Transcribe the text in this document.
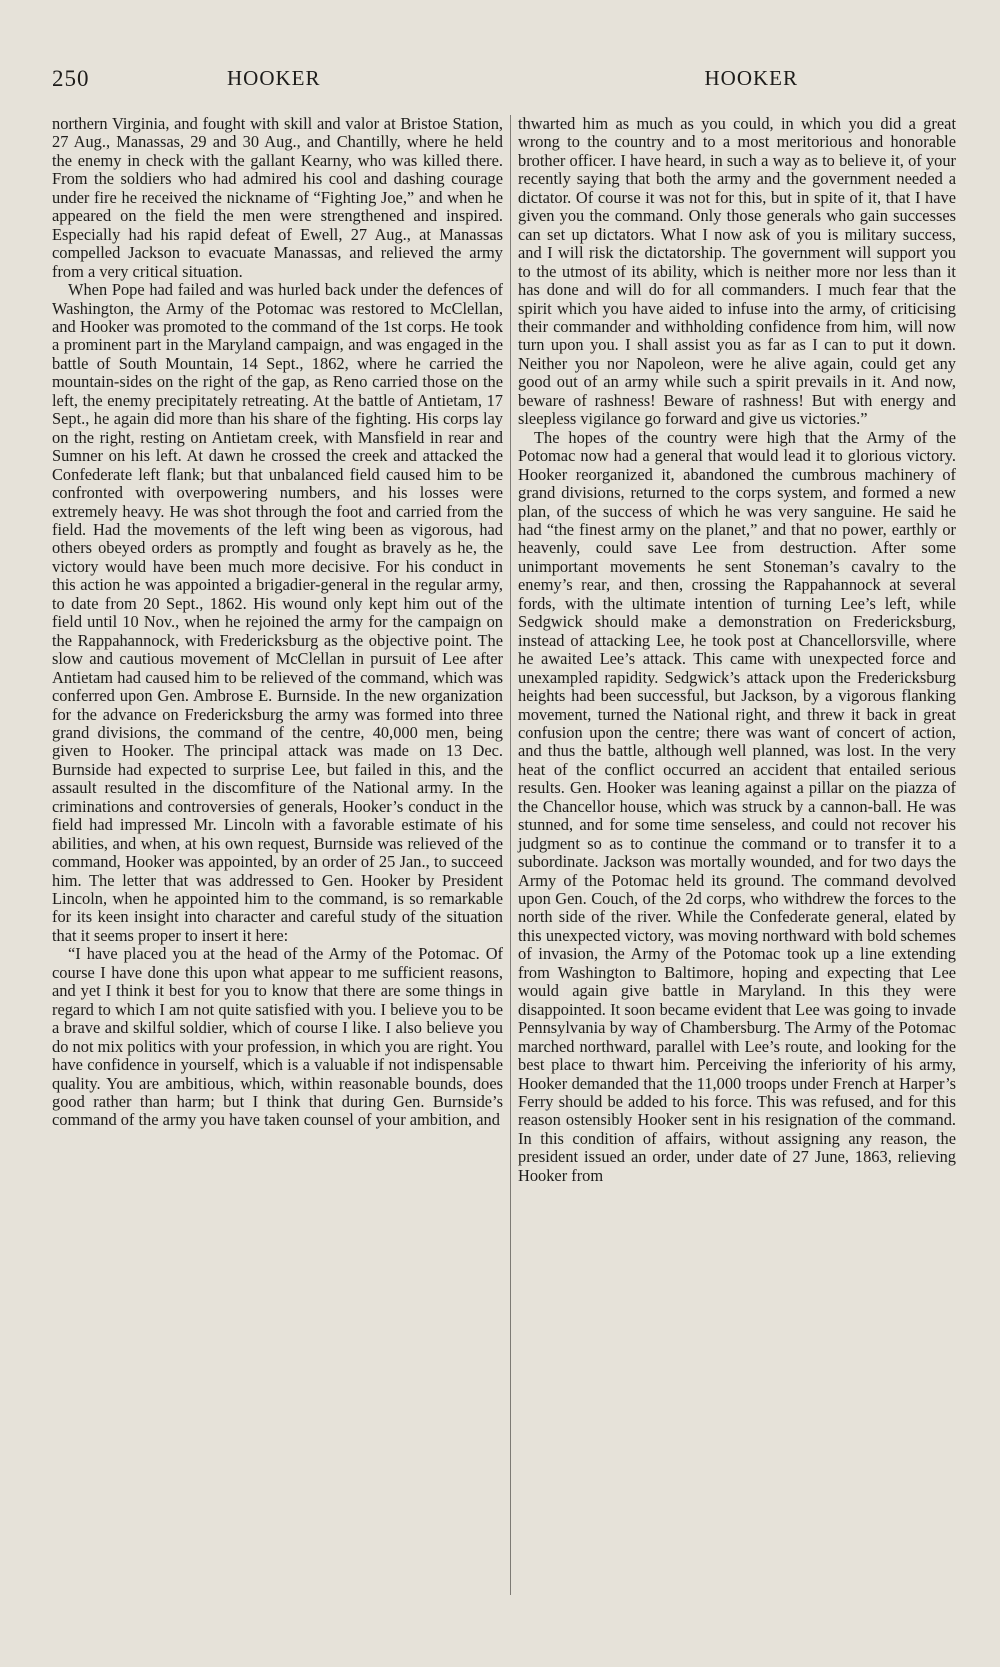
250	HOOKER	HOOKER

northern Virginia, and fought with skill and valor at Bristoe Station, 27 Aug., Manassas, 29 and 30 Aug., and Chantilly, where he held the enemy in check with the gallant Kearny, who was killed there. From the soldiers who had admired his cool and dashing courage under fire he received the nickname of “Fighting Joe,” and when he appeared on the field the men were strengthened and inspired. Especially had his rapid defeat of Ewell, 27 Aug., at Manassas compelled Jackson to evacuate Manassas, and relieved the army from a very critical situation.

When Pope had failed and was hurled back under the defences of Washington, the Army of the Potomac was restored to McClellan, and Hooker was promoted to the command of the 1st corps. He took a prominent part in the Maryland campaign, and was engaged in the battle of South Mountain, 14 Sept., 1862, where he carried the mountain-sides on the right of the gap, as Reno carried those on the left, the enemy precipitately retreating. At the battle of Antietam, 17 Sept., he again did more than his share of the fighting. His corps lay on the right, resting on Antietam creek, with Mansfield in rear and Sumner on his left. At dawn he crossed the creek and attacked the Confederate left flank; but that unbalanced field caused him to be confronted with overpowering numbers, and his losses were extremely heavy. He was shot through the foot and carried from the field. Had the movements of the left wing been as vigorous, had others obeyed orders as promptly and fought as bravely as he, the victory would have been much more decisive. For his conduct in this action he was appointed a brigadier-general in the regular army, to date from 20 Sept., 1862. His wound only kept him out of the field until 10 Nov., when he rejoined the army for the campaign on the Rappahannock, with Fredericksburg as the objective point. The slow and cautious movement of McClellan in pursuit of Lee after Antietam had caused him to be relieved of the command, which was conferred upon Gen. Ambrose E. Burnside. In the new organization for the advance on Fredericksburg the army was formed into three grand divisions, the command of the centre, 40,000 men, being given to Hooker. The principal attack was made on 13 Dec. Burnside had expected to surprise Lee, but failed in this, and the assault resulted in the discomfiture of the National army. In the criminations and controversies of generals, Hooker’s conduct in the field had impressed Mr. Lincoln with a favorable estimate of his abilities, and when, at his own request, Burnside was relieved of the command, Hooker was appointed, by an order of 25 Jan., to succeed him. The letter that was addressed to Gen. Hooker by President Lincoln, when he appointed him to the command, is so remarkable for its keen insight into character and careful study of the situation that it seems proper to insert it here:

“I have placed you at the head of the Army of the Potomac. Of course I have done this upon what appear to me sufficient reasons, and yet I think it best for you to know that there are some things in regard to which I am not quite satisfied with you. I believe you to be a brave and skilful soldier, which of course I like. I also believe you do not mix politics with your profession, in which you are right. You have confidence in yourself, which is a valuable if not indispensable quality. You are ambitious, which, within reasonable bounds, does good rather than harm; but I think that during Gen. Burnside’s command of the army you have taken counsel of your ambition, and

thwarted him as much as you could, in which you did a great wrong to the country and to a most meritorious and honorable brother officer. I have heard, in such a way as to believe it, of your recently saying that both the army and the government needed a dictator. Of course it was not for this, but in spite of it, that I have given you the command. Only those generals who gain successes can set up dictators. What I now ask of you is military success, and I will risk the dictatorship. The government will support you to the utmost of its ability, which is neither more nor less than it has done and will do for all commanders. I much fear that the spirit which you have aided to infuse into the army, of criticising their commander and withholding confidence from him, will now turn upon you. I shall assist you as far as I can to put it down. Neither you nor Napoleon, were he alive again, could get any good out of an army while such a spirit prevails in it. And now, beware of rashness! Beware of rashness! But with energy and sleepless vigilance go forward and give us victories.”

The hopes of the country were high that the Army of the Potomac now had a general that would lead it to glorious victory. Hooker reorganized it, abandoned the cumbrous machinery of grand divisions, returned to the corps system, and formed a new plan, of the success of which he was very sanguine. He said he had “the finest army on the planet,” and that no power, earthly or heavenly, could save Lee from destruction. After some unimportant movements he sent Stoneman’s cavalry to the enemy’s rear, and then, crossing the Rappahannock at several fords, with the ultimate intention of turning Lee’s left, while Sedgwick should make a demonstration on Fredericksburg, instead of attacking Lee, he took post at Chancellorsville, where he awaited Lee’s attack. This came with unexpected force and unexampled rapidity. Sedgwick’s attack upon the Fredericksburg heights had been successful, but Jackson, by a vigorous flanking movement, turned the National right, and threw it back in great confusion upon the centre; there was want of concert of action, and thus the battle, although well planned, was lost. In the very heat of the conflict occurred an accident that entailed serious results. Gen. Hooker was leaning against a pillar on the piazza of the Chancellor house, which was struck by a cannon-ball. He was stunned, and for some time senseless, and could not recover his judgment so as to continue the command or to transfer it to a subordinate. Jackson was mortally wounded, and for two days the Army of the Potomac held its ground. The command devolved upon Gen. Couch, of the 2d corps, who withdrew the forces to the north side of the river. While the Confederate general, elated by this unexpected victory, was moving northward with bold schemes of invasion, the Army of the Potomac took up a line extending from Washington to Baltimore, hoping and expecting that Lee would again give battle in Maryland. In this they were disappointed. It soon became evident that Lee was going to invade Pennsylvania by way of Chambersburg. The Army of the Potomac marched northward, parallel with Lee’s route, and looking for the best place to thwart him. Perceiving the inferiority of his army, Hooker demanded that the 11,000 troops under French at Harper’s Ferry should be added to his force. This was refused, and for this reason ostensibly Hooker sent in his resignation of the command. In this condition of affairs, without assigning any reason, the president issued an order, under date of 27 June, 1863, relieving Hooker from
